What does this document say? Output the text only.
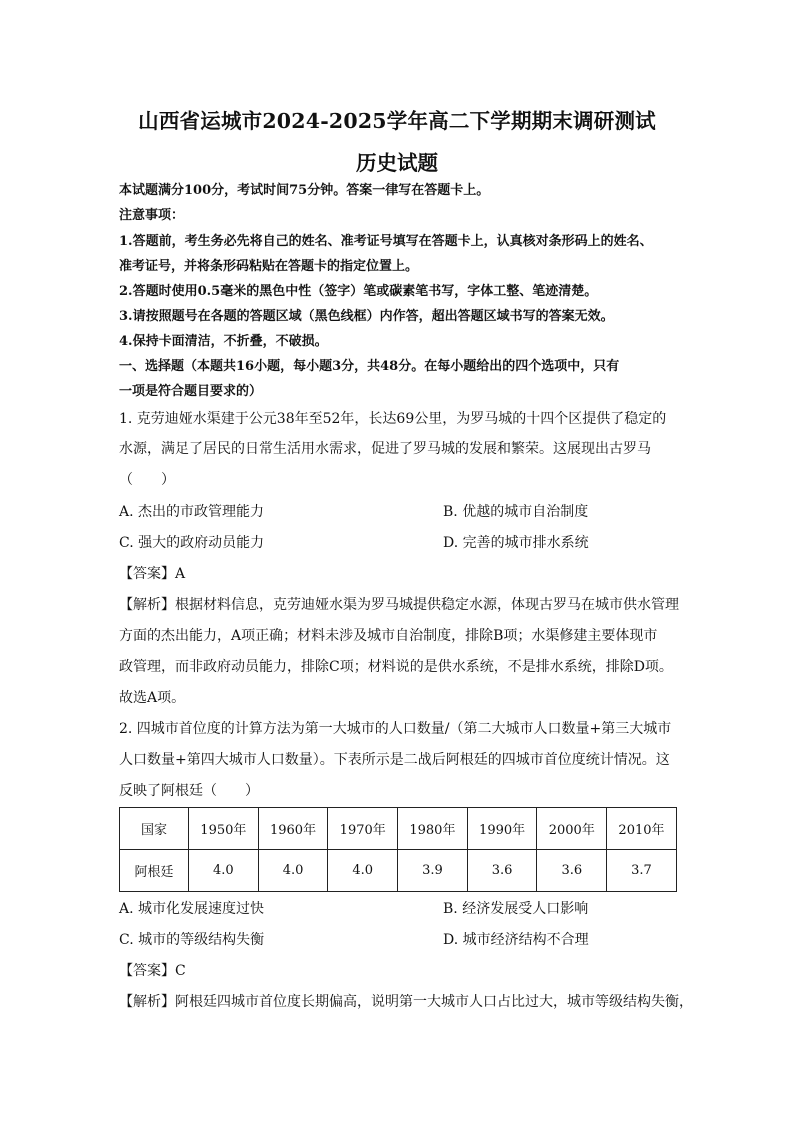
山西省运城市2024-2025学年高二下学期期末调研测试
历史试题
本试题满分100分，考试时间75分钟。答案一律写在答题卡上。
注意事项：
1.答题前，考生务必先将自己的姓名、准考证号填写在答题卡上，认真核对条形码上的姓名、
准考证号，并将条形码粘贴在答题卡的指定位置上。
2.答题时使用0.5毫米的黑色中性（签字）笔或碳素笔书写，字体工整、笔迹清楚。
3.请按照题号在各题的答题区域（黑色线框）内作答，超出答题区域书写的答案无效。
4.保持卡面清洁，不折叠，不破损。
一、选择题（本题共16小题，每小题3分，共48分。在每小题给出的四个选项中，只有
一项是符合题目要求的）
1. 克劳迪娅水渠建于公元38年至52年，长达69公里，为罗马城的十四个区提供了稳定的
水源，满足了居民的日常生活用水需求，促进了罗马城的发展和繁荣。这展现出古罗马
（　　）
A. 杰出的市政管理能力	B. 优越的城市自治制度
C. 强大的政府动员能力	D. 完善的城市排水系统
【答案】A
【解析】根据材料信息，克劳迪娅水渠为罗马城提供稳定水源，体现古罗马在城市供水管理
方面的杰出能力，A项正确；材料未涉及城市自治制度，排除B项；水渠修建主要体现市
政管理，而非政府动员能力，排除C项；材料说的是供水系统，不是排水系统，排除D项。
故选A项。
2. 四城市首位度的计算方法为第一大城市的人口数量/（第二大城市人口数量+第三大城市
人口数量+第四大城市人口数量）。下表所示是二战后阿根廷的四城市首位度统计情况。这
反映了阿根廷（　　）
国家	1950年	1960年	1970年	1980年	1990年	2000年	2010年
阿根廷	4.0	4.0	4.0	3.9	3.6	3.6	3.7
A. 城市化发展速度过快	B. 经济发展受人口影响
C. 城市的等级结构失衡	D. 城市经济结构不合理
【答案】C
【解析】阿根廷四城市首位度长期偏高，说明第一大城市人口占比过大，城市等级结构失衡，
